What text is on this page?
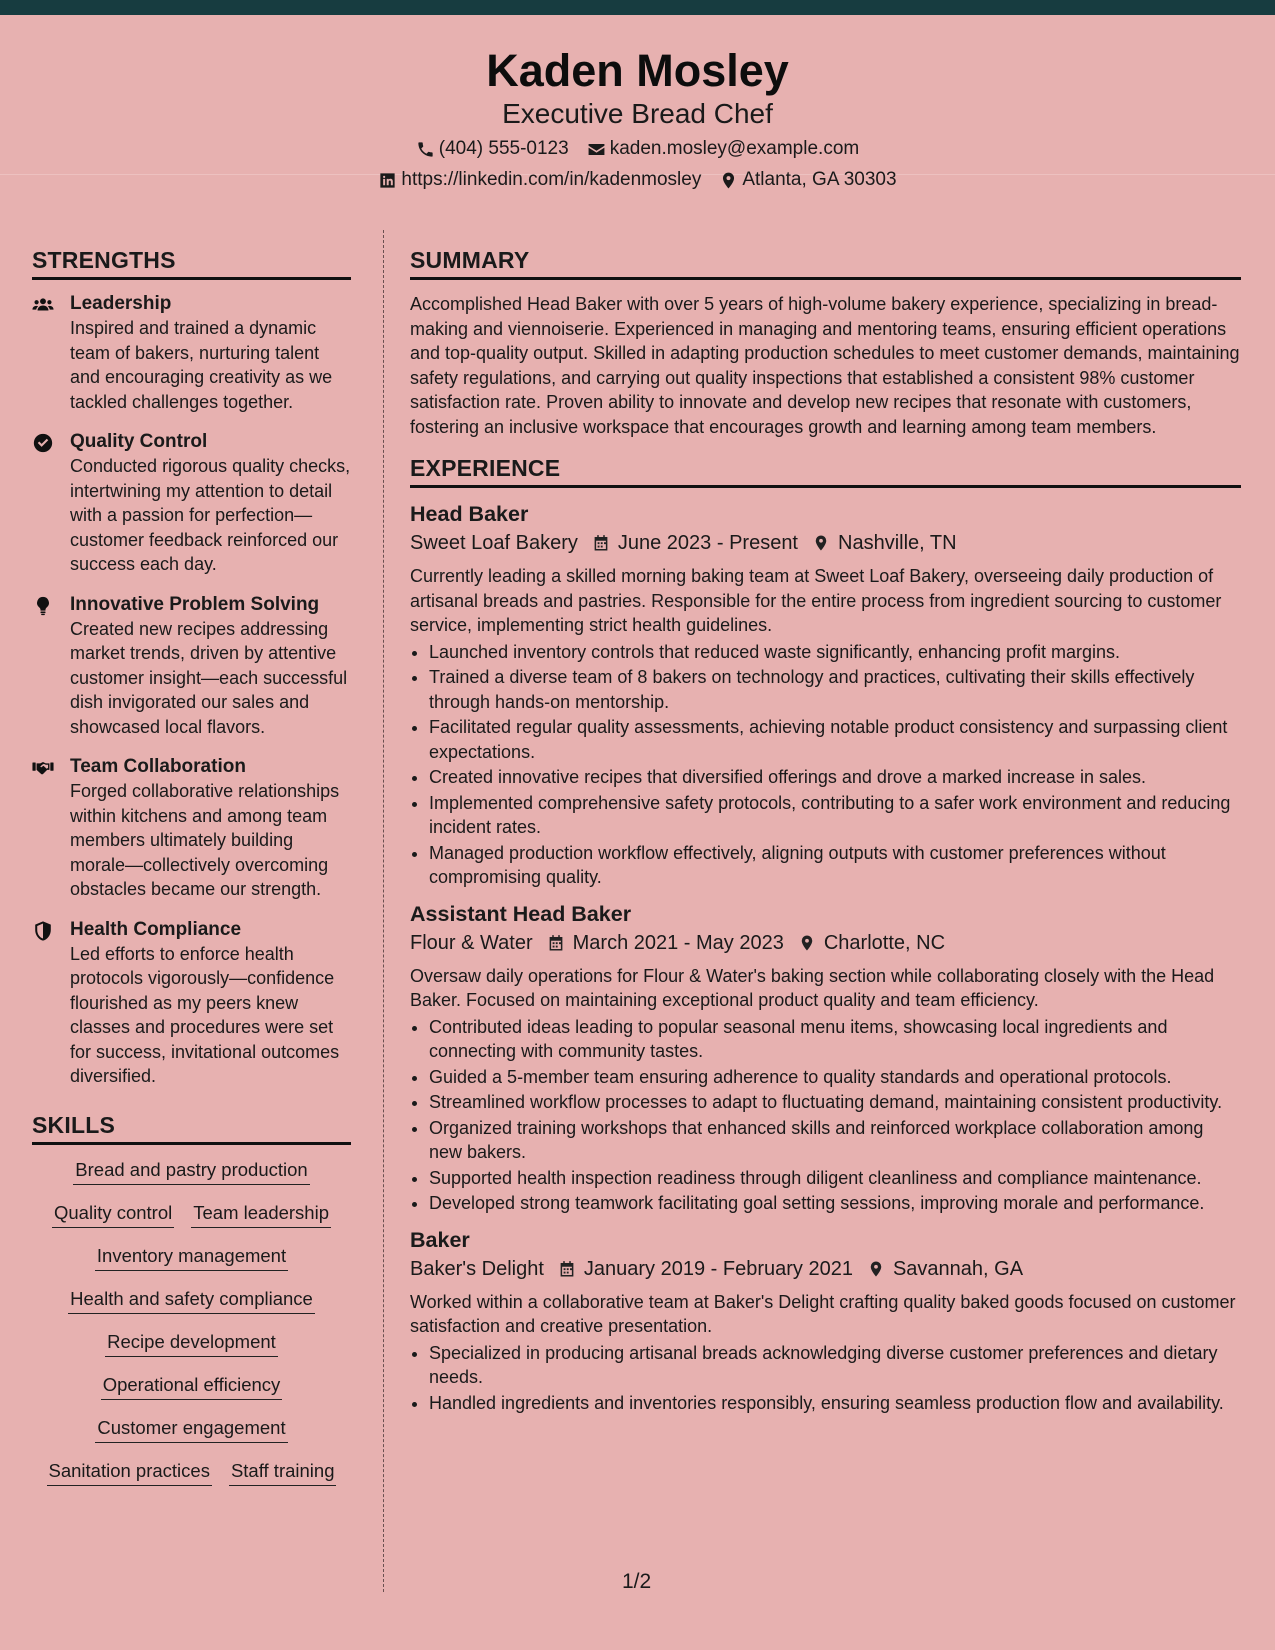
Kaden Mosley
Executive Bread Chef
(404) 555-0123 kaden.mosley@example.com
https://linkedin.com/in/kadenmosley Atlanta, GA 30303
STRENGTHS
Leadership
Inspired and trained a dynamic team of bakers, nurturing talent and encouraging creativity as we tackled challenges together.
Quality Control
Conducted rigorous quality checks, intertwining my attention to detail with a passion for perfection—customer feedback reinforced our success each day.
Innovative Problem Solving
Created new recipes addressing market trends, driven by attentive customer insight—each successful dish invigorated our sales and showcased local flavors.
Team Collaboration
Forged collaborative relationships within kitchens and among team members ultimately building morale—collectively overcoming obstacles became our strength.
Health Compliance
Led efforts to enforce health protocols vigorously—confidence flourished as my peers knew classes and procedures were set for success, invitational outcomes diversified.
SKILLS
Bread and pastry production
Quality control Team leadership
Inventory management
Health and safety compliance
Recipe development
Operational efficiency
Customer engagement
Sanitation practices Staff training
SUMMARY
Accomplished Head Baker with over 5 years of high-volume bakery experience, specializing in bread-making and viennoiserie. Experienced in managing and mentoring teams, ensuring efficient operations and top-quality output. Skilled in adapting production schedules to meet customer demands, maintaining safety regulations, and carrying out quality inspections that established a consistent 98% customer satisfaction rate. Proven ability to innovate and develop new recipes that resonate with customers, fostering an inclusive workspace that encourages growth and learning among team members.
EXPERIENCE
Head Baker
Sweet Loaf Bakery June 2023 - Present Nashville, TN
Currently leading a skilled morning baking team at Sweet Loaf Bakery, overseeing daily production of artisanal breads and pastries. Responsible for the entire process from ingredient sourcing to customer service, implementing strict health guidelines.
• Launched inventory controls that reduced waste significantly, enhancing profit margins.
• Trained a diverse team of 8 bakers on technology and practices, cultivating their skills effectively through hands-on mentorship.
• Facilitated regular quality assessments, achieving notable product consistency and surpassing client expectations.
• Created innovative recipes that diversified offerings and drove a marked increase in sales.
• Implemented comprehensive safety protocols, contributing to a safer work environment and reducing incident rates.
• Managed production workflow effectively, aligning outputs with customer preferences without compromising quality.
Assistant Head Baker
Flour & Water March 2021 - May 2023 Charlotte, NC
Oversaw daily operations for Flour & Water's baking section while collaborating closely with the Head Baker. Focused on maintaining exceptional product quality and team efficiency.
• Contributed ideas leading to popular seasonal menu items, showcasing local ingredients and connecting with community tastes.
• Guided a 5-member team ensuring adherence to quality standards and operational protocols.
• Streamlined workflow processes to adapt to fluctuating demand, maintaining consistent productivity.
• Organized training workshops that enhanced skills and reinforced workplace collaboration among new bakers.
• Supported health inspection readiness through diligent cleanliness and compliance maintenance.
• Developed strong teamwork facilitating goal setting sessions, improving morale and performance.
Baker
Baker's Delight January 2019 - February 2021 Savannah, GA
Worked within a collaborative team at Baker's Delight crafting quality baked goods focused on customer satisfaction and creative presentation.
• Specialized in producing artisanal breads acknowledging diverse customer preferences and dietary needs.
• Handled ingredients and inventories responsibly, ensuring seamless production flow and availability.
1/2
